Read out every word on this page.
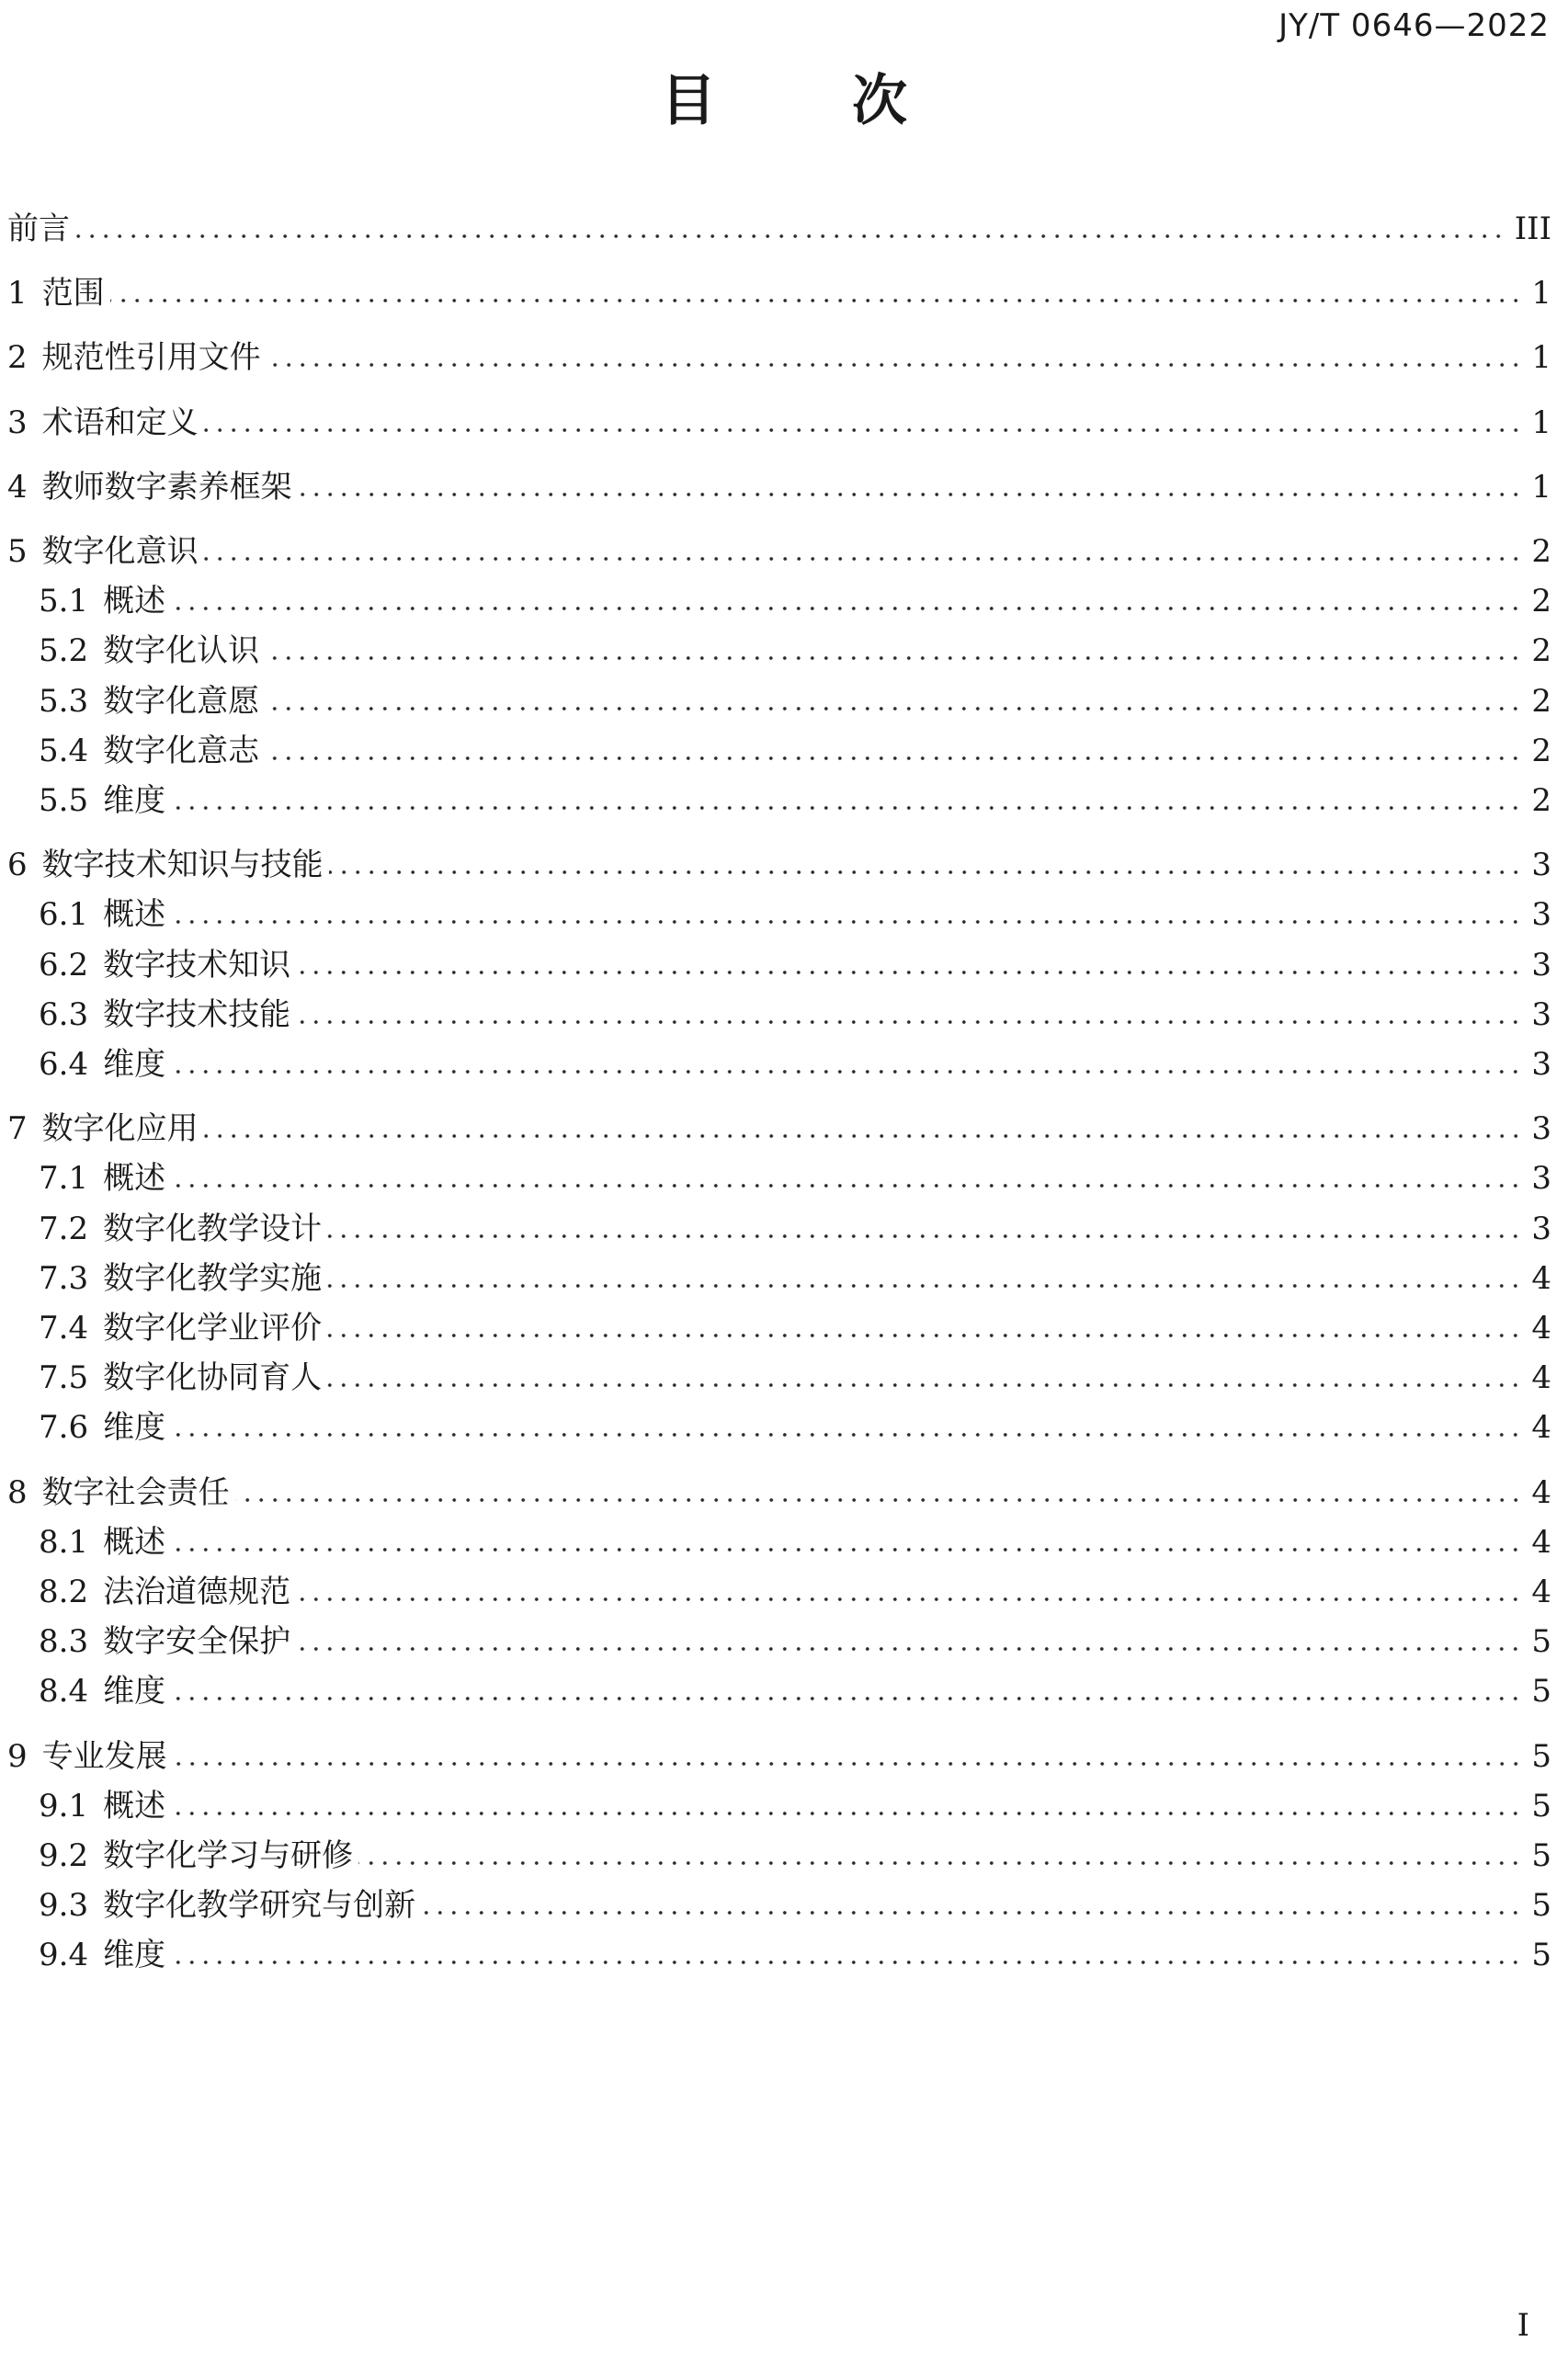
JY/T 0646—2022
目 次
前言	III
1 范围	1
2 规范性引用文件	1
3 术语和定义	1
4 教师数字素养框架	1
5 数字化意识	2
5.1 概述	2
5.2 数字化认识	2
5.3 数字化意愿	2
5.4 数字化意志	2
5.5 维度	2
6 数字技术知识与技能	3
6.1 概述	3
6.2 数字技术知识	3
6.3 数字技术技能	3
6.4 维度	3
7 数字化应用	3
7.1 概述	3
7.2 数字化教学设计	3
7.3 数字化教学实施	4
7.4 数字化学业评价	4
7.5 数字化协同育人	4
7.6 维度	4
8 数字社会责任	4
8.1 概述	4
8.2 法治道德规范	4
8.3 数字安全保护	5
8.4 维度	5
9 专业发展	5
9.1 概述	5
9.2 数字化学习与研修	5
9.3 数字化教学研究与创新	5
9.4 维度	5
I
